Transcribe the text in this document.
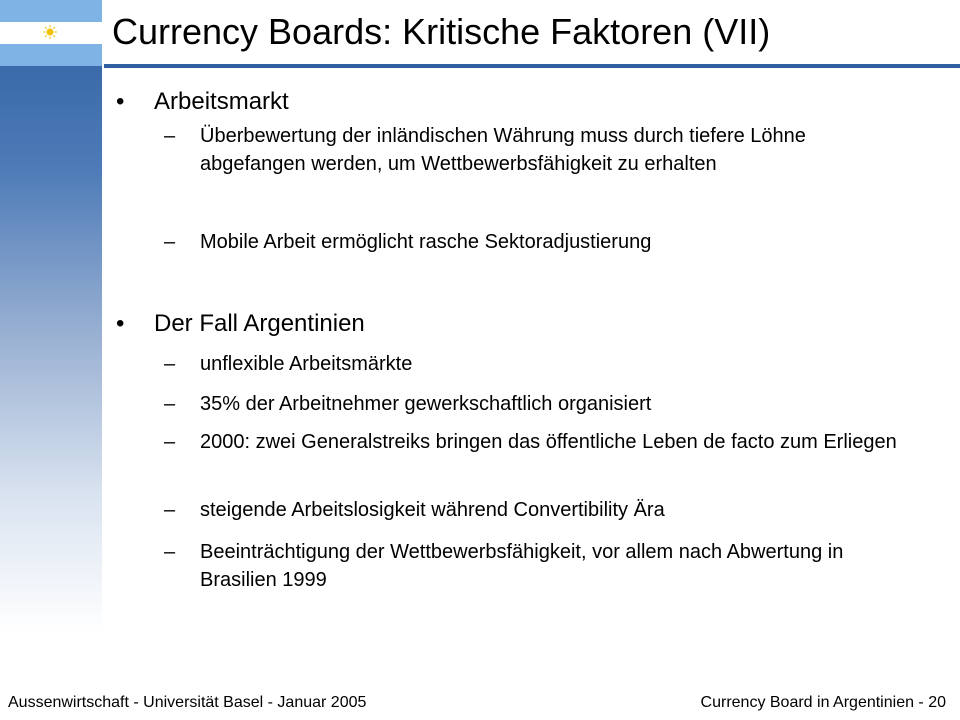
Currency Boards: Kritische Faktoren (VII)
• Arbeitsmarkt
– Überbewertung der inländischen Währung muss durch tiefere Löhne abgefangen werden, um Wettbewerbsfähigkeit zu erhalten
– Mobile Arbeit ermöglicht rasche Sektoradjustierung
• Der Fall Argentinien
– unflexible Arbeitsmärkte
– 35% der Arbeitnehmer gewerkschaftlich organisiert
– 2000: zwei Generalstreiks bringen das öffentliche Leben de facto zum Erliegen
– steigende Arbeitslosigkeit während Convertibility Ära
– Beeinträchtigung der Wettbewerbsfähigkeit, vor allem nach Abwertung in Brasilien 1999
Aussenwirtschaft - Universität Basel - Januar 2005	Currency Board in Argentinien - 20
